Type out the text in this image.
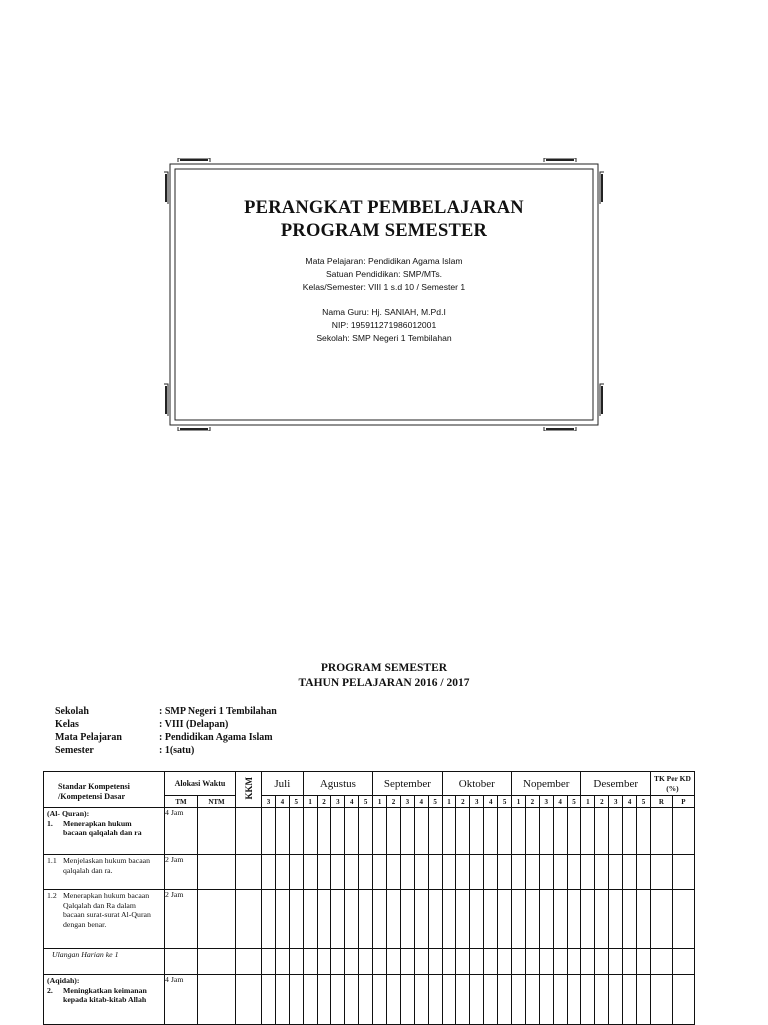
PERANGKAT PEMBELAJARAN
PROGRAM SEMESTER
Mata Pelajaran: Pendidikan Agama Islam
Satuan Pendidikan: SMP/MTs.
Kelas/Semester: VIII 1 s.d 10 / Semester 1
Nama Guru: Hj. SANIAH, M.Pd.I
NIP: 195911271986012001
Sekolah: SMP Negeri 1 Tembilahan
PROGRAM SEMESTER
TAHUN PELAJARAN 2016 / 2017
Sekolah	: SMP Negeri 1 Tembilahan
Kelas	: VIII (Delapan)
Mata Pelajaran	: Pendidikan Agama Islam
Semester	: 1(satu)
Standar Kompetensi /Kompetensi Dasar	Alokasi Waktu		KKM	Juli			Agustus					September					Oktober					Nopember					Desember					TK Per KD (%)	
	TM	NTM		3	4	5	1	2	3	4	5	1	2	3	4	5	1	2	3	4	5	1	2	3	4	5	1	2	3	4	5	R	P

(Al- Quran):
1. Menerapkan hukum bacaan qalqalah dan ra	4 Jam																																

1.1 Menjelaskan hukum bacaan qalqalah dan ra.	2 Jam																																

1.2 Menerapkan hukum bacaan Qalqalah dan Ra dalam bacaan surat-surat Al-Quran dengan benar.	2 Jam																																

Ulangan Harian ke 1																																	

(Aqidah):
2. Meningkatkan keimanan kepada kitab-kitab Allah	4 Jam																																
